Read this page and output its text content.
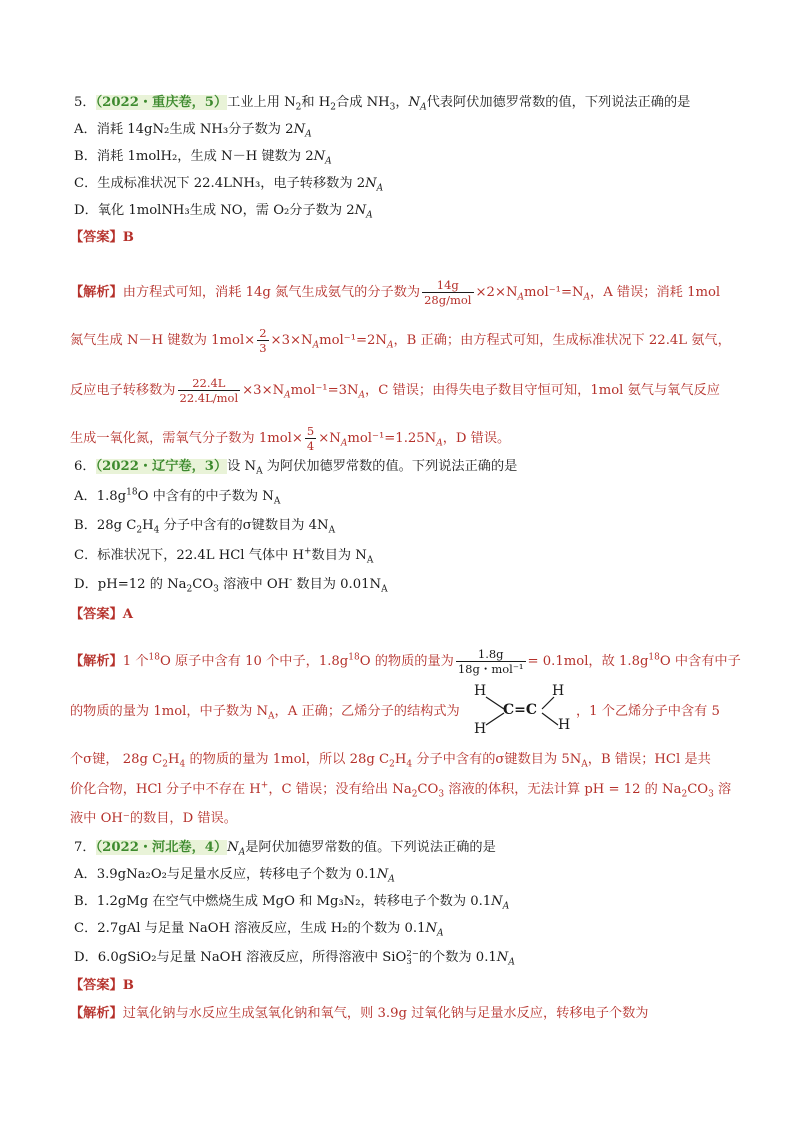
5．（2022・重庆卷，5）工业上用 $N_2$和 $H_2$合成 $NH_3$，$N_A$代表阿伏加德罗常数的值，下列说法正确的是
A．消耗 14gN₂生成 NH₃分子数为 $2N_A$
B．消耗 1molH₂，生成 N－H 键数为 $2N_A$
C．生成标准状况下 22.4LNH₃，电子转移数为 $2N_A$
D．氧化 1molNH₃生成 NO，需 O₂分子数为 $2N_A$
【答案】B
【解析】由方程式可知，消耗 14g 氮气生成氨气的分子数为 $\frac{14g}{\text{28g/mol}} \times 2\times N_Amol^{-1}=N_A$，A 错误；消耗 1mol
氮气生成 N－H 键数为 $1mol\times \frac{2}{3} \times 3\times N_Amol^{-1}=2N_A$，B 正确；由方程式可知，生成标准状况下 22.4L 氨气，
反应电子转移数为 $\frac{22.4L}{\text{22.4L/mol}} \times 3\times N_Amol^{-1}=3N_A$，C 错误；由得失电子数目守恒可知，1mol 氨气与氧气反应
生成一氧化氮，需氧气分子数为 $1mol\times \frac{5}{4} \times N_Amol^{-1}=1.25N_A$，D 错误。
6．（2022・辽宁卷，3）设 $N_A$ 为阿伏加德罗常数的值。下列说法正确的是
A．$1.8g^{18}O$ 中含有的中子数为 $N_A$
B．28g $C_2H_4$ 分子中含有的σ键数目为 $4N_A$
C．标准状况下，22.4L HCl 气体中 H+数目为 $N_A$
D．pH=12 的 $Na_2CO_3$ 溶液中 OH- 数目为 $0.01N_A$
【答案】A
【解析】1 个$^{18}$O 原子中含有 10 个中子，$1.8g^{18}O$ 的物质的量为 $\frac{1.8g}{\text{18g・mol⁻¹}} = 0.1mol$，故 $1.8g^{18}O$ 中含有中子
的物质的量为 1mol，中子数为 $N_A$，A 正确；乙烯分子的结构式为
H
H
C=C
H
H
，1 个乙烯分子中含有 5
个σ键， 28g $C_2H_4$ 的物质的量为 1mol，所以 28g $C_2H_4$ 分子中含有的σ键数目为 $5N_A$，B 错误；HCl 是共
价化合物，HCl 分子中不存在 H+，C 错误；没有给出 $Na_2CO_3$ 溶液的体积，无法计算 pH = 12 的 $Na_2CO_3$ 溶
液中 OH⁻的数目，D 错误。
7．（2022・河北卷，$4)N_A$是阿伏加德罗常数的值。下列说法正确的是
A．3.9gNa₂O₂与足量水反应，转移电子个数为 $0.1N_A$
B．1.2gMg 在空气中燃烧生成 MgO 和 Mg₃N₂，转移电子个数为 $0.1N_A$
C．2.7gAl 与足量 NaOH 溶液反应，生成 H₂的个数为 $0.1N_A$
D．6.0gSiO₂与足量 NaOH 溶液反应，所得溶液中 SiO 2−
3 的个数为 $0.1N_A$
【答案】B
【解析】过氧化钠与水反应生成氢氧化钠和氧气，则 3.9g 过氧化钠与足量水反应，转移电子个数为
